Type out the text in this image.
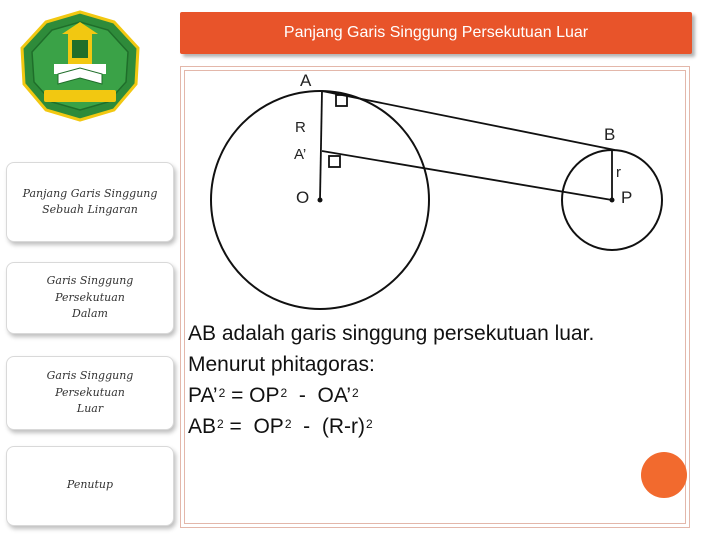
Panjang Garis Singgung
Sebuah Lingaran
Garis Singgung Persekutuan
Dalam
Garis Singgung Persekutuan
Luar
Penutup
Panjang Garis Singgung Persekutuan Luar
A
R
A’
O
B
r
P
AB adalah garis singgung persekutuan luar.
Menurut phitagoras:
PA’$^2$ = $OP^2$  -  OA’$^2$
$AB^2 = OP^2 - (R-r)^2$
